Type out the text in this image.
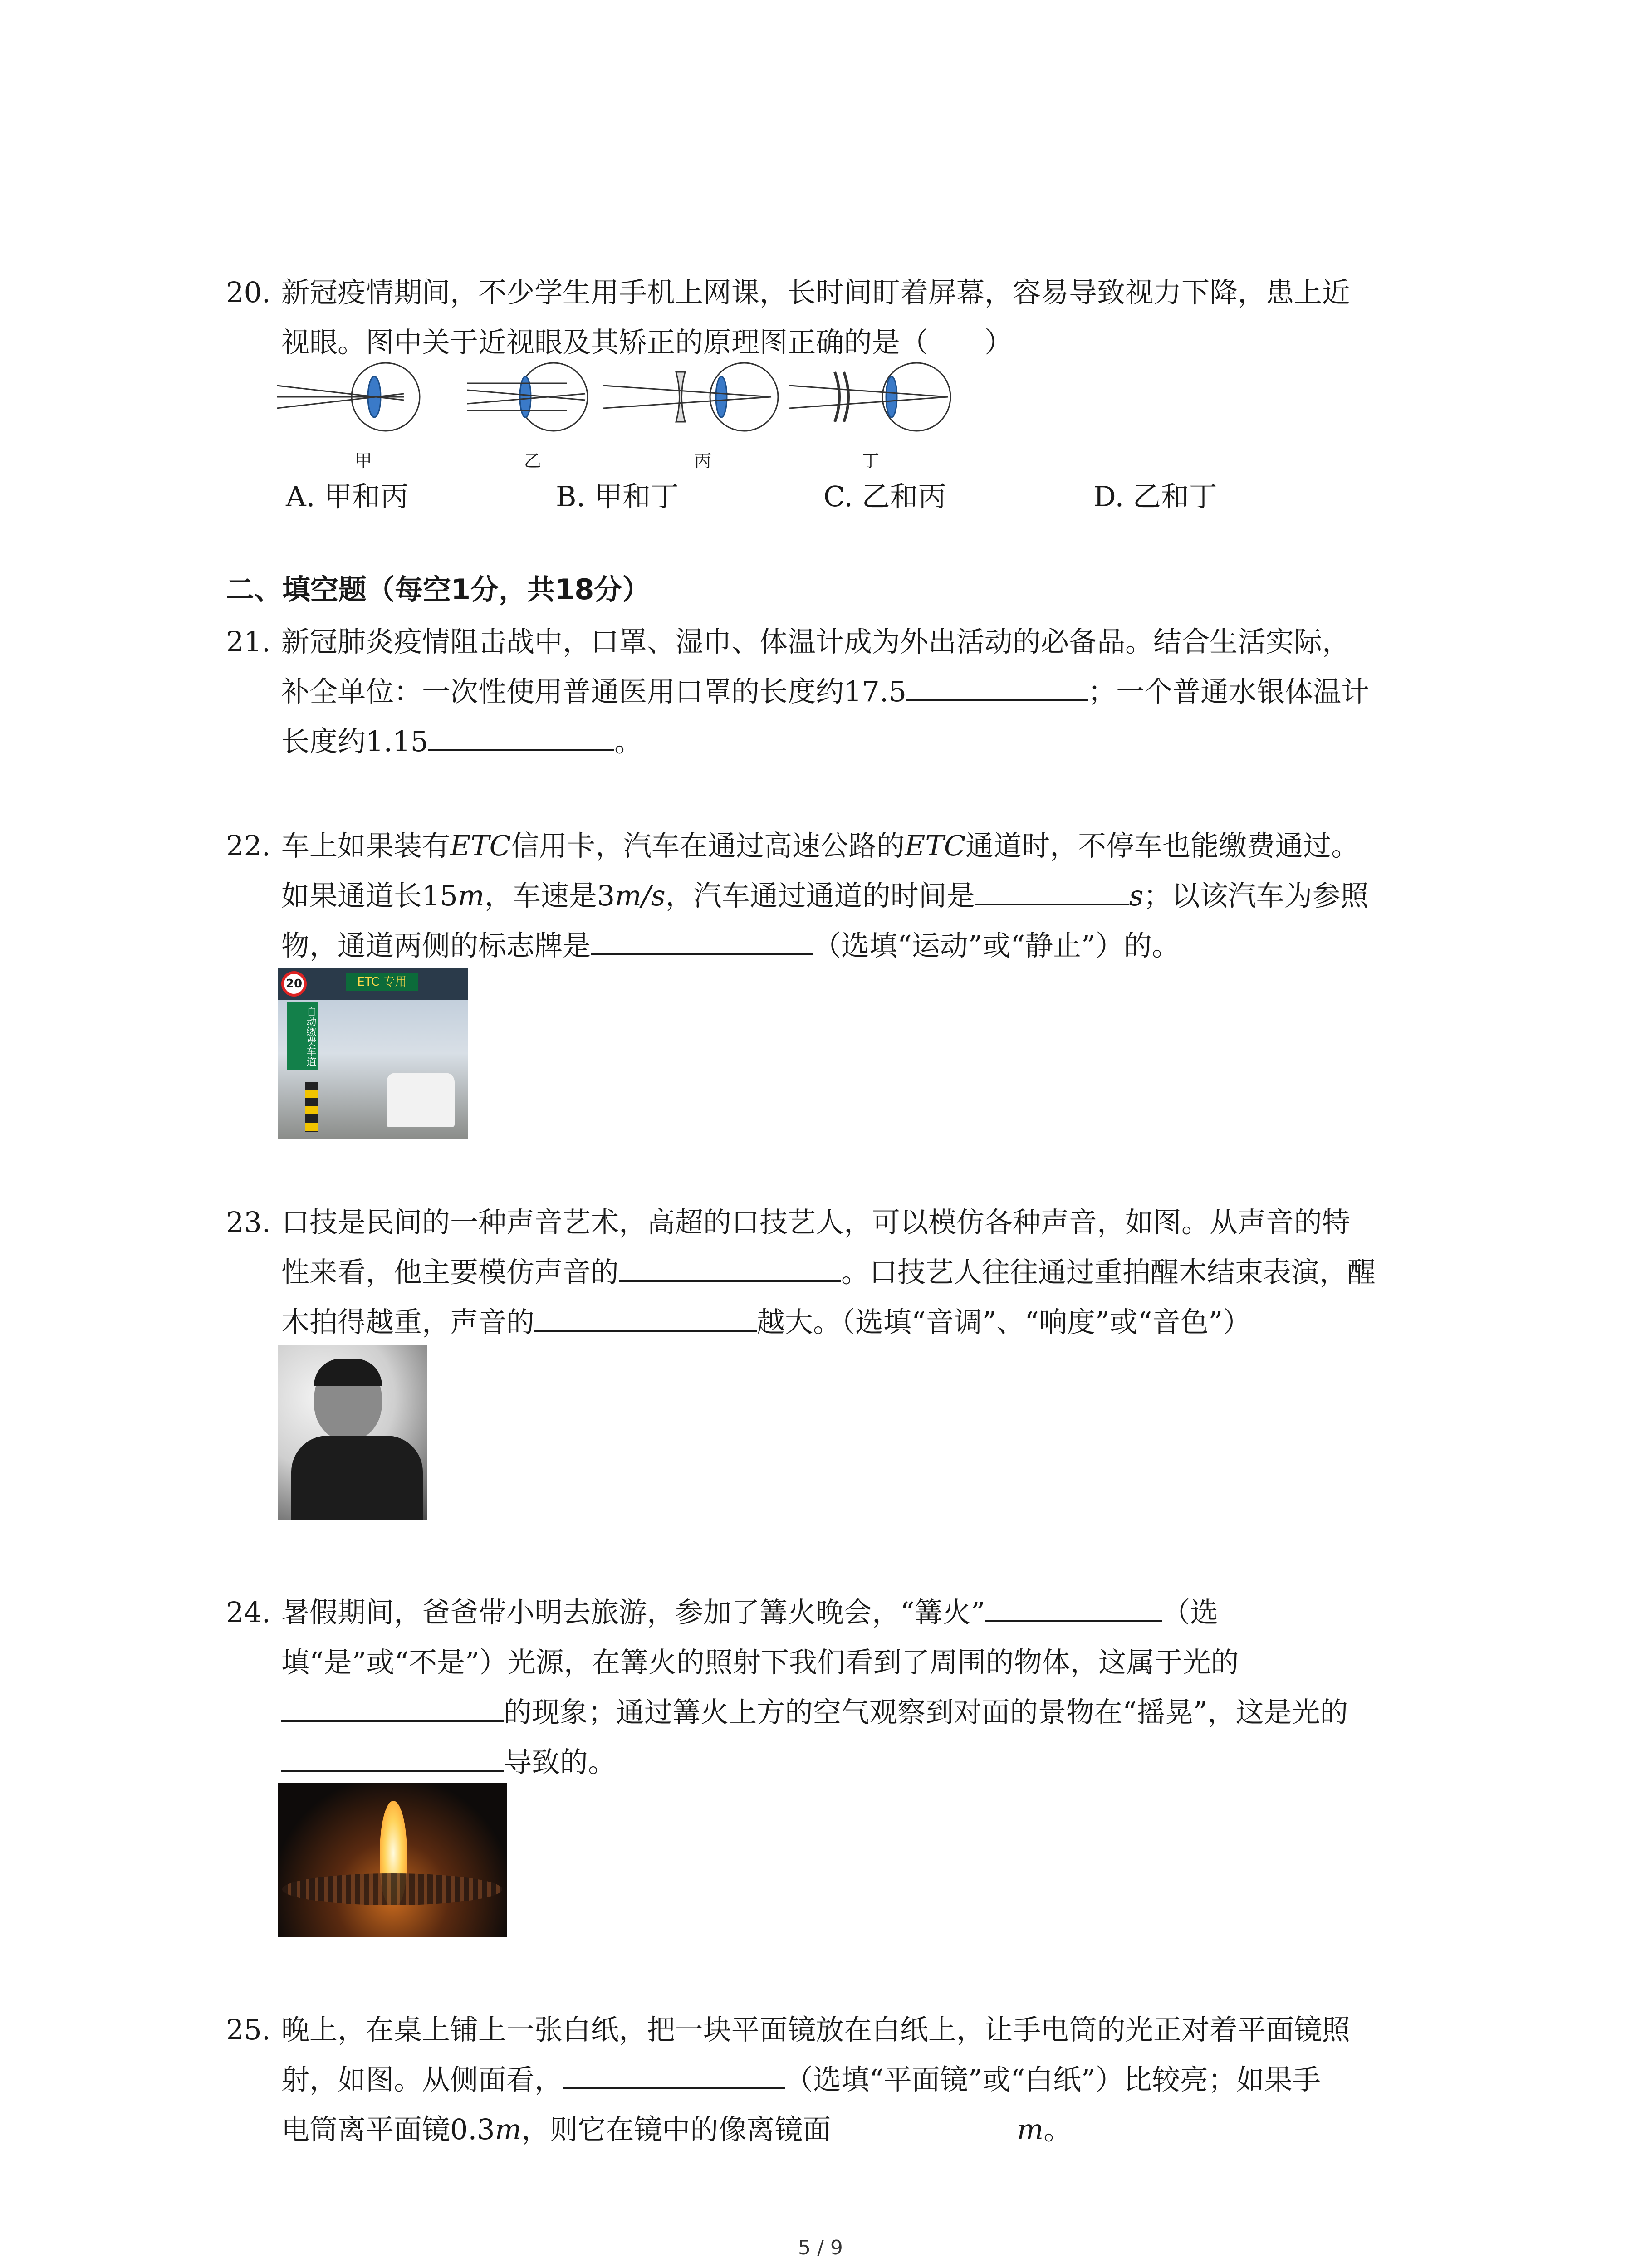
20. 新冠疫情期间，不少学生用手机上网课，长时间盯着屏幕，容易导致视力下降，患上近
视眼。图中关于近视眼及其矫正的原理图正确的是（　　）
甲	乙	丙	丁
A. 甲和丙	B. 甲和丁	C. 乙和丙	D. 乙和丁
二、填空题（每空1分，共18分）
21. 新冠肺炎疫情阻击战中，口罩、湿巾、体温计成为外出活动的必备品。结合生活实际，
补全单位：一次性使用普通医用口罩的长度约17.5	；一个普通水银体温计
长度约1.15	。
22. 车上如果装有ETC信用卡，汽车在通过高速公路的ETC通道时，不停车也能缴费通过。
如果通道长15m，车速是3m/s，汽车通过通道的时间是	s；以该汽车为参照
物，通道两侧的标志牌是	（选填“运动”或“静止”）的。
20	ETC 专用
自动缴费车道
23. 口技是民间的一种声音艺术，高超的口技艺人，可以模仿各种声音，如图。从声音的特
性来看，他主要模仿声音的	。口技艺人往往通过重拍醒木结束表演，醒
木拍得越重，声音的	越大。（选填“音调”、“响度”或“音色”）
24. 暑假期间，爸爸带小明去旅游，参加了篝火晚会，“篝火”	（选
填“是”或“不是”）光源，在篝火的照射下我们看到了周围的物体，这属于光的
的现象；通过篝火上方的空气观察到对面的景物在“摇晃”，这是光的
导致的。
25. 晚上，在桌上铺上一张白纸，把一块平面镜放在白纸上，让手电筒的光正对着平面镜照
射，如图。从侧面看，	（选填“平面镜”或“白纸”）比较亮；如果手
电筒离平面镜0.3m，则它在镜中的像离镜面	m。
5 / 9
